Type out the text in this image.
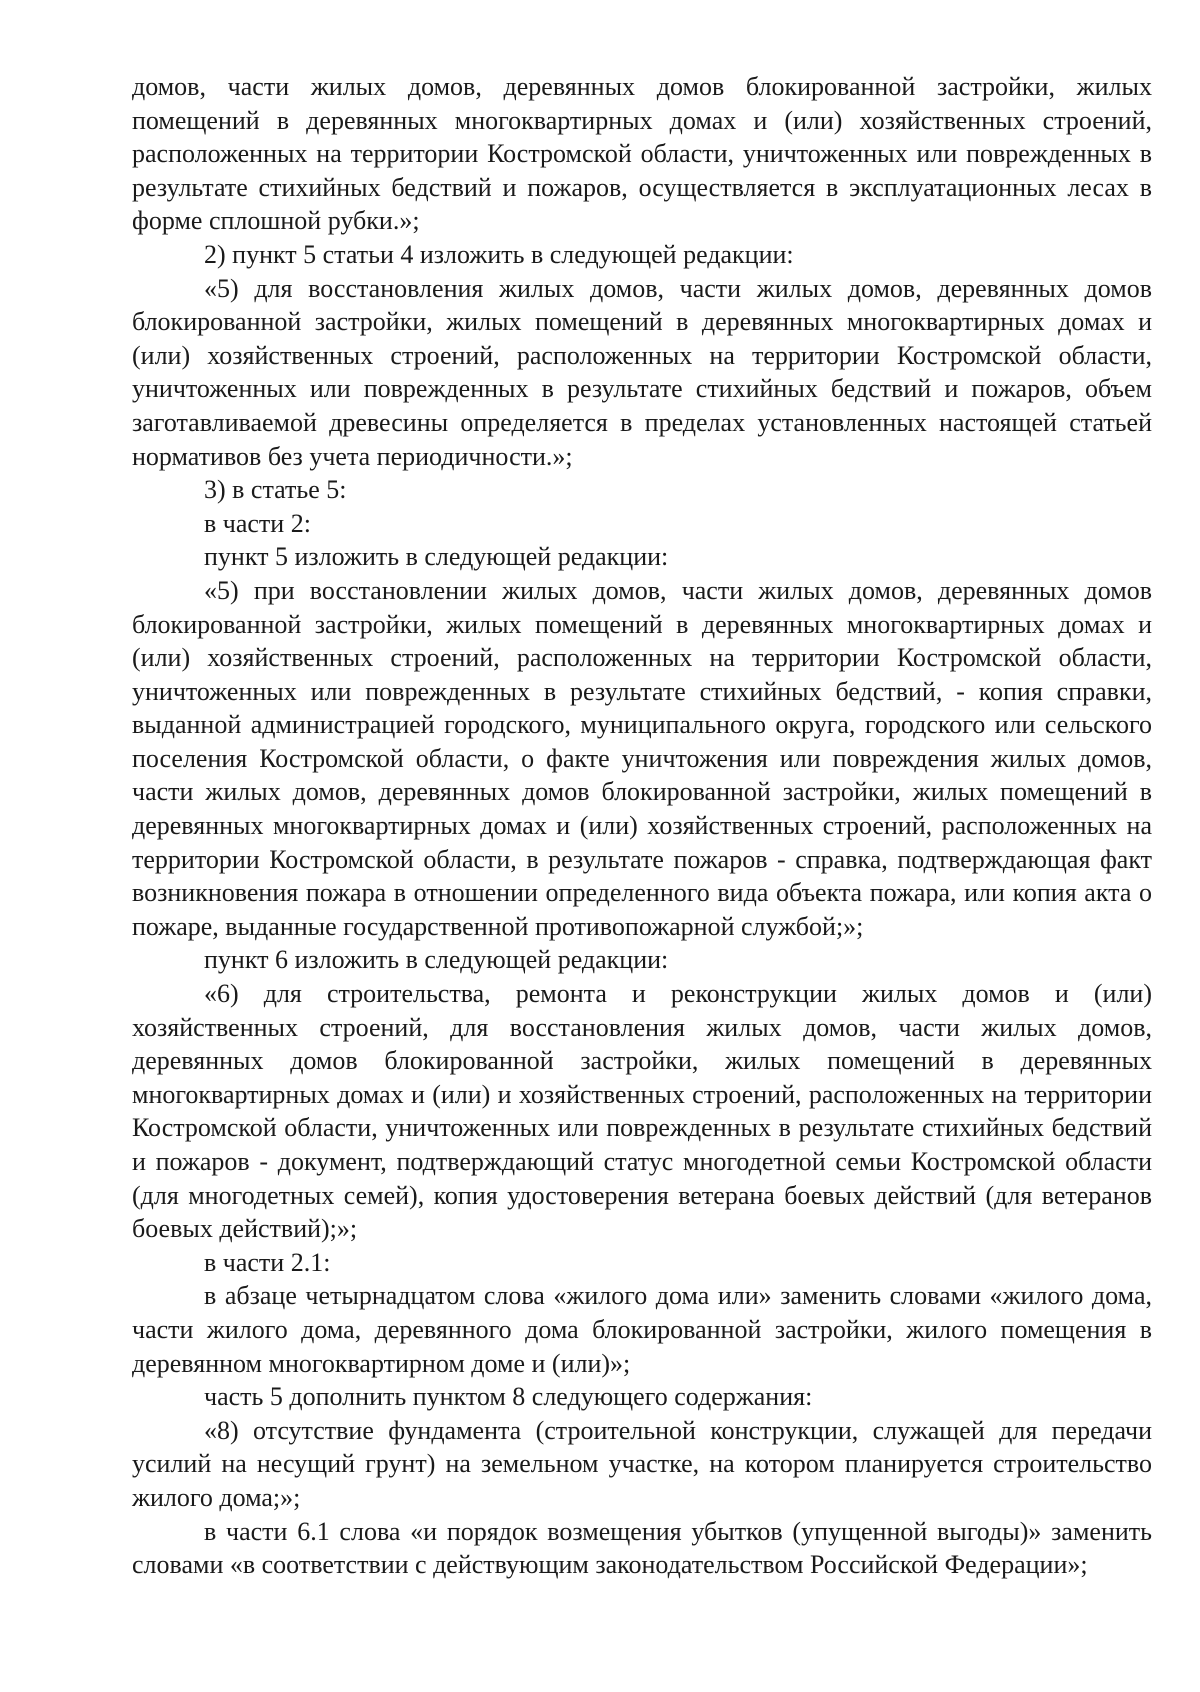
домов, части жилых домов, деревянных домов блокированной застройки, жилых помещений в деревянных многоквартирных домах и (или) хозяйственных строений, расположенных на территории Костромской области, уничтоженных или поврежденных в результате стихийных бедствий и пожаров, осуществляется в эксплуатационных лесах в форме сплошной рубки.»;

2) пункт 5 статьи 4 изложить в следующей редакции:

«5) для восстановления жилых домов, части жилых домов, деревянных домов блокированной застройки, жилых помещений в деревянных многоквартирных домах и (или) хозяйственных строений, расположенных на территории Костромской области, уничтоженных или поврежденных в результате стихийных бедствий и пожаров, объем заготавливаемой древесины определяется в пределах установленных настоящей статьей нормативов без учета периодичности.»;

3) в статье 5:

в части 2:

пункт 5 изложить в следующей редакции:

«5) при восстановлении жилых домов, части жилых домов, деревянных домов блокированной застройки, жилых помещений в деревянных многоквартирных домах и (или) хозяйственных строений, расположенных на территории Костромской области, уничтоженных или поврежденных в результате стихийных бедствий, - копия справки, выданной администрацией городского, муниципального округа, городского или сельского поселения Костромской области, о факте уничтожения или повреждения жилых домов, части жилых домов, деревянных домов блокированной застройки, жилых помещений в деревянных многоквартирных домах и (или) хозяйственных строений, расположенных на территории Костромской области, в результате пожаров - справка, подтверждающая факт возникновения пожара в отношении определенного вида объекта пожара, или копия акта о пожаре, выданные государственной противопожарной службой;»;

пункт 6 изложить в следующей редакции:

«6) для строительства, ремонта и реконструкции жилых домов и (или) хозяйственных строений, для восстановления жилых домов, части жилых домов, деревянных домов блокированной застройки, жилых помещений в деревянных многоквартирных домах и (или) и хозяйственных строений, расположенных на территории Костромской области, уничтоженных или поврежденных в результате стихийных бедствий и пожаров - документ, подтверждающий статус многодетной семьи Костромской области (для многодетных семей), копия удостоверения ветерана боевых действий (для ветеранов боевых действий);»;

в части 2.1:

в абзаце четырнадцатом слова «жилого дома или» заменить словами «жилого дома, части жилого дома, деревянного дома блокированной застройки, жилого помещения в деревянном многоквартирном доме и (или)»;

часть 5 дополнить пунктом 8 следующего содержания:

«8) отсутствие фундамента (строительной конструкции, служащей для передачи усилий на несущий грунт) на земельном участке, на котором планируется строительство жилого дома;»;

в части 6.1 слова «и порядок возмещения убытков (упущенной выгоды)» заменить словами «в соответствии с действующим законодательством Российской Федерации»;
